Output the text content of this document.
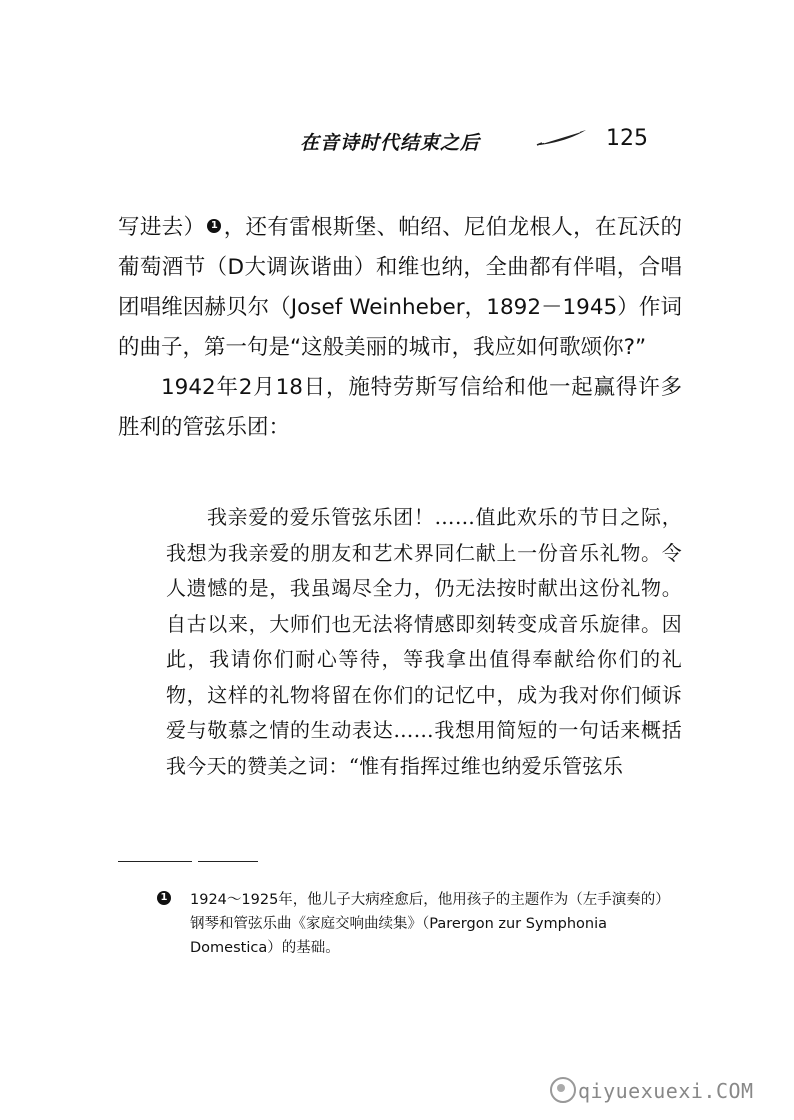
在音诗时代结束之后	125

写进去） 1 ，还有雷根斯堡、帕绍、尼伯龙根人，在瓦沃的葡萄酒节（D大调诙谐曲）和维也纳，全曲都有伴唱，合唱团唱维因赫贝尔（Josef Weinheber，1892－1945）作词的曲子，第一句是“这般美丽的城市，我应如何歌颂你?”

1942年2月18日，施特劳斯写信给和他一起赢得许多胜利的管弦乐团：

我亲爱的爱乐管弦乐团！……值此欢乐的节日之际，我想为我亲爱的朋友和艺术界同仁献上一份音乐礼物。令人遗憾的是，我虽竭尽全力，仍无法按时献出这份礼物。自古以来，大师们也无法将情感即刻转变成音乐旋律。因此，我请你们耐心等待，等我拿出值得奉献给你们的礼物，这样的礼物将留在你们的记忆中，成为我对你们倾诉爱与敬慕之情的生动表达……我想用简短的一句话来概括我今天的赞美之词：“惟有指挥过维也纳爱乐管弦乐
1 1924～1925年，他儿子大病痊愈后，他用孩子的主题作为（左手演奏的）钢琴和管弦乐曲《家庭交响曲续集》（Parergon zur Symphonia Domestica）的基础。
qiyuexuexi.COM
